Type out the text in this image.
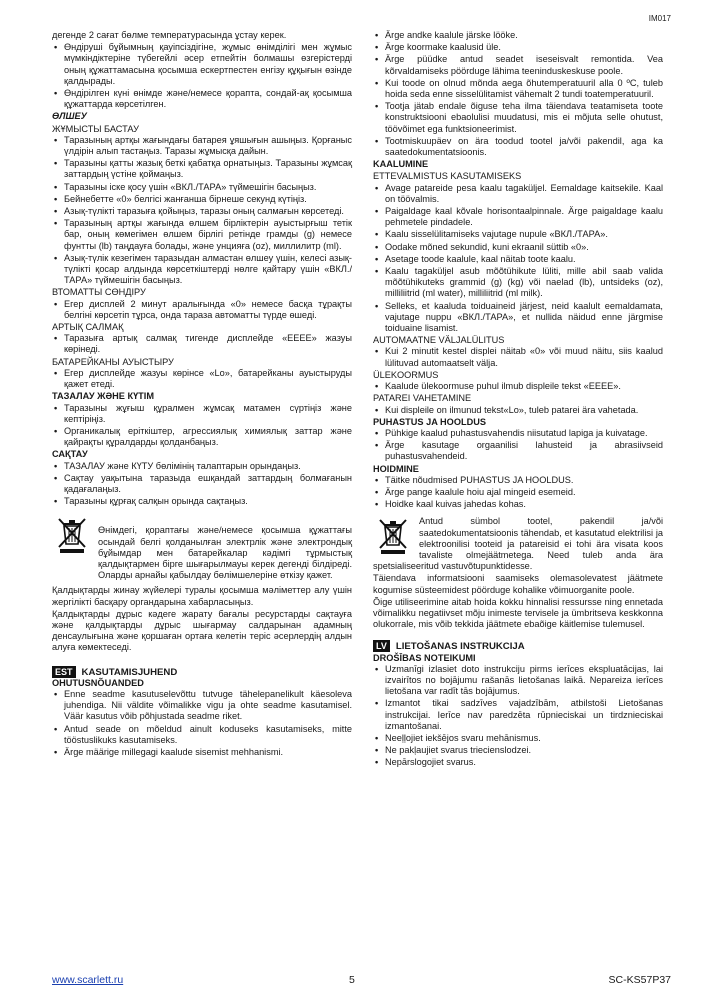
IM017

дегенде 2 сағат бөлме температурасында ұстау керек.

• Өндіруші бұйымның қауіпсіздігіне, жұмыс өнімділігі мен жұмыс мүмкіндіктеріне түбегейлі әсер етпейтін болмашы өзгерістерді оның құжаттамасына қосымша ескертпестен енгізу құқығын өзінде қалдырады.
• Өндірілген күні өнімде және/немесе қорапта, сондай-ақ қосымша құжаттарда көрсетілген.
ӨЛШЕУ
ЖҰМЫСТЫ БАСТАУ
• Таразының артқы жағындағы батарея ұяшығын ашыңыз. Қорғаныс үлдірін алып тастаңыз. Таразы жұмысқа дайын.
• Таразыны қатты жазық беткі қабатқа орнатыңыз. Таразыны жұмсақ заттардың үстіне қоймаңыз.
• Таразыны іске қосу үшін «ВКЛ./ТАРА» түймешігін басыңыз.
• Бейнебетте «0» белгісі жанғанша бірнеше секунд күтіңіз.
• Азық-түлікті таразыға қойыңыз, таразы оның салмағын көрсетеді.
• Таразының артқы жағында өлшем бірліктерін ауыстырғыш тетік бар, оның көмегімен өлшем бірлігі ретінде грамды (g) немесе фунтты (lb) таңдауға болады, және унцияға (oz), миллилитр (ml).
• Азық-түлік кезегімен таразыдан алмастан өлшеу үшін, келесі азық-түлікті қосар алдында көрсеткіштерді нөлге қайтару үшін «ВКЛ./ТАРА» түймешігін басыңыз.
ВТОМАТТЫ СӨНДІРУ
• Егер дисплей 2 минут аралығында «0» немесе басқа тұрақты белгіні көрсетіп тұрса, онда тараза автоматты түрде өшеді.
АРТЫҚ САЛМАҚ
• Таразыға артық салмақ тигенде дисплейде «ЕЕЕЕ» жазуы көрінеді.
БАТАРЕЙКАНЫ АУЫСТЫРУ
• Егер дисплейде жазуы көрінсе «Lo», батарейканы ауыстыруды қажет етеді.
ТАЗАЛАУ ЖӘНЕ КҮТІМ
• Таразыны жұғыш құралмен жұмсақ матамен сүртіңіз және кептіріңіз.
• Органикалық еріткіштер, агрессиялық химиялық заттар және қайрақты құралдарды қолданбаңыз.
САҚТАУ
• ТАЗАЛАУ және КҮТУ бөлімінің талаптарын орындаңыз.
• Сақтау уақытына таразыда ешқандай заттардың болмағанын қадағалаңыз.
• Таразыны құрғақ салқын орында сақтаңыз.

Өнімдегі, қораптағы және/немесе қосымша құжаттағы осындай белгі қолданылған электрлік және электрондық бұйымдар мен батарейкалар кәдімгі тұрмыстық қалдықтармен бірге шығарылмауы керек дегенді білдіреді. Оларды арнайы қабылдау бөлімшелеріне өткізу қажет.

Қалдықтарды жинау жүйелері туралы қосымша мәліметтер алу үшін жергілікті басқару органдарына хабарласыңыз.

Қалдықтарды дұрыс кәдеге жарату бағалы ресурстарды сақтауға және қалдықтарды дұрыс шығармау салдарынан адамның денсаулығына және қоршаған ортаға келетін теріс әсерлердің алдын алуға көмектеседі.

EST KASUTAMISJUHEND
OHUTUSNÕUANDED
• Enne seadme kasutuselevõttu tutvuge tähelepanelikult käesoleva juhendiga. Nii väldite võimalikke vigu ja ohte seadme kasutamisel. Väär kasutus võib põhjustada seadme riket.
• Antud seade on mõeldud ainult koduseks kasutamiseks, mitte tööstuslikuks kasutamiseks.
• Ärge määrige millegagi kaalude sisemist mehhanismi.
• Ärge andke kaalule järske lööke.
• Ärge koormake kaalusid üle.
• Ärge püüdke antud seadet iseseisvalt remontida. Vea kõrvaldamiseks pöörduge lähima teeninduskeskuse poole.
• Kui toode on olnud mõnda aega õhutemperatuuril alla 0 ºC, tuleb hoida seda enne sisselülitamist vähemalt 2 tundi toatemperatuuril.
• Tootja jätab endale õiguse teha ilma täiendava teatamiseta toote konstruktsiooni ebaolulisi muudatusi, mis ei mõjuta selle ohutust, töövõimet ega funktsioneerimist.
• Tootmiskuupäev on ära toodud tootel ja/või pakendil, aga ka saatedokumentatsioonis.
KAALUMINE
ETTEVALMISTUS KASUTAMISEKS
• Avage patareide pesa kaalu tagaküljel. Eemaldage kaitsekile. Kaal on töövalmis.
• Paigaldage kaal kõvale horisontaalpinnale. Ärge paigaldage kaalu pehmetele pindadele.
• Kaalu sisselülitamiseks vajutage nupule «ВКЛ./ТАРА».
• Oodake mõned sekundid, kuni ekraanil süttib «0».
• Asetage toode kaalule, kaal näitab toote kaalu.
• Kaalu tagaküljel asub mõõtühikute lüliti, mille abil saab valida mõõtühikuteks grammid (g) (kg) või naelad (lb), untsideks (oz), milliliitrid (ml water), milliliitrid (ml milk).
• Selleks, et kaaluda toiduaineid järjest, neid kaalult eemaldamata, vajutage nuppu «ВКЛ./ТАРА», et nullida näidud enne järgmise toiduaine lisamist.
AUTOMAATNE VÄLJALÜLITUS
• Kui 2 minutit kestel displei näitab «0» või muud näitu, siis kaalud lülituvad automaatselt välja.
ÜLEKOORMUS
• Kaalude ülekoormuse puhul ilmub displeile tekst «EEEE».
PATAREI VAHETAMINE
• Kui displeile on ilmunud tekst«Lo», tuleb patarei ära vahetada.
PUHASTUS JA HOOLDUS
• Pühkige kaalud puhastusvahendis niisutatud lapiga ja kuivatage.
• Ärge kasutage orgaanilisi lahusteid ja abrasiivseid puhastusvahendeid.
HOIDMINE
• Täitke nõudmised PUHASTUS JA HOOLDUS.
• Ärge pange kaalule hoiu ajal mingeid esemeid.
• Hoidke kaal kuivas jahedas kohas.

Antud sümbol tootel, pakendil ja/või saatedokumentatsioonis tähendab, et kasutatud elektrilisi ja elektroonilisi tooteid ja patareisid ei tohi ära visata koos tavaliste olmejäätmetega. Need tuleb anda ära spetsialiseeritud vastuvõtupunktidesse.

Täiendava informatsiooni saamiseks olemasolevatest jäätmete kogumise süsteemidest pöörduge kohalike võimuorganite poole.

Õige utiliseerimine aitab hoida kokku hinnalisi ressursse ning ennetada võimalikku negatiivset mõju inimeste tervisele ja ümbritseva keskkonna olukorrale, mis võib tekkida jäätmete ebaõige käitlemise tulemusel.

LV LIETOŠANAS INSTRUKCIJA
DROŠĪBAS NOTEIKUMI
• Uzmanīgi izlasiet doto instrukciju pirms ierīces ekspluatācijas, lai izvairītos no bojājumu rašanās lietošanas laikā. Nepareiza ierīces lietošana var radīt tās bojājumus.
• Izmantot tikai sadzīves vajadzībām, atbilstoši Lietošanas instrukcijai. Ierīce nav paredzēta rūpnieciskai un tirdznieciskai izmantošanai.
• Neeļļojiet iekšējos svaru mehānismus.
• Ne pakļaujiet svarus triecienslodzei.
• Nepārslogojiet svarus.
www.scarlett.ru	5	SC-KS57P37
